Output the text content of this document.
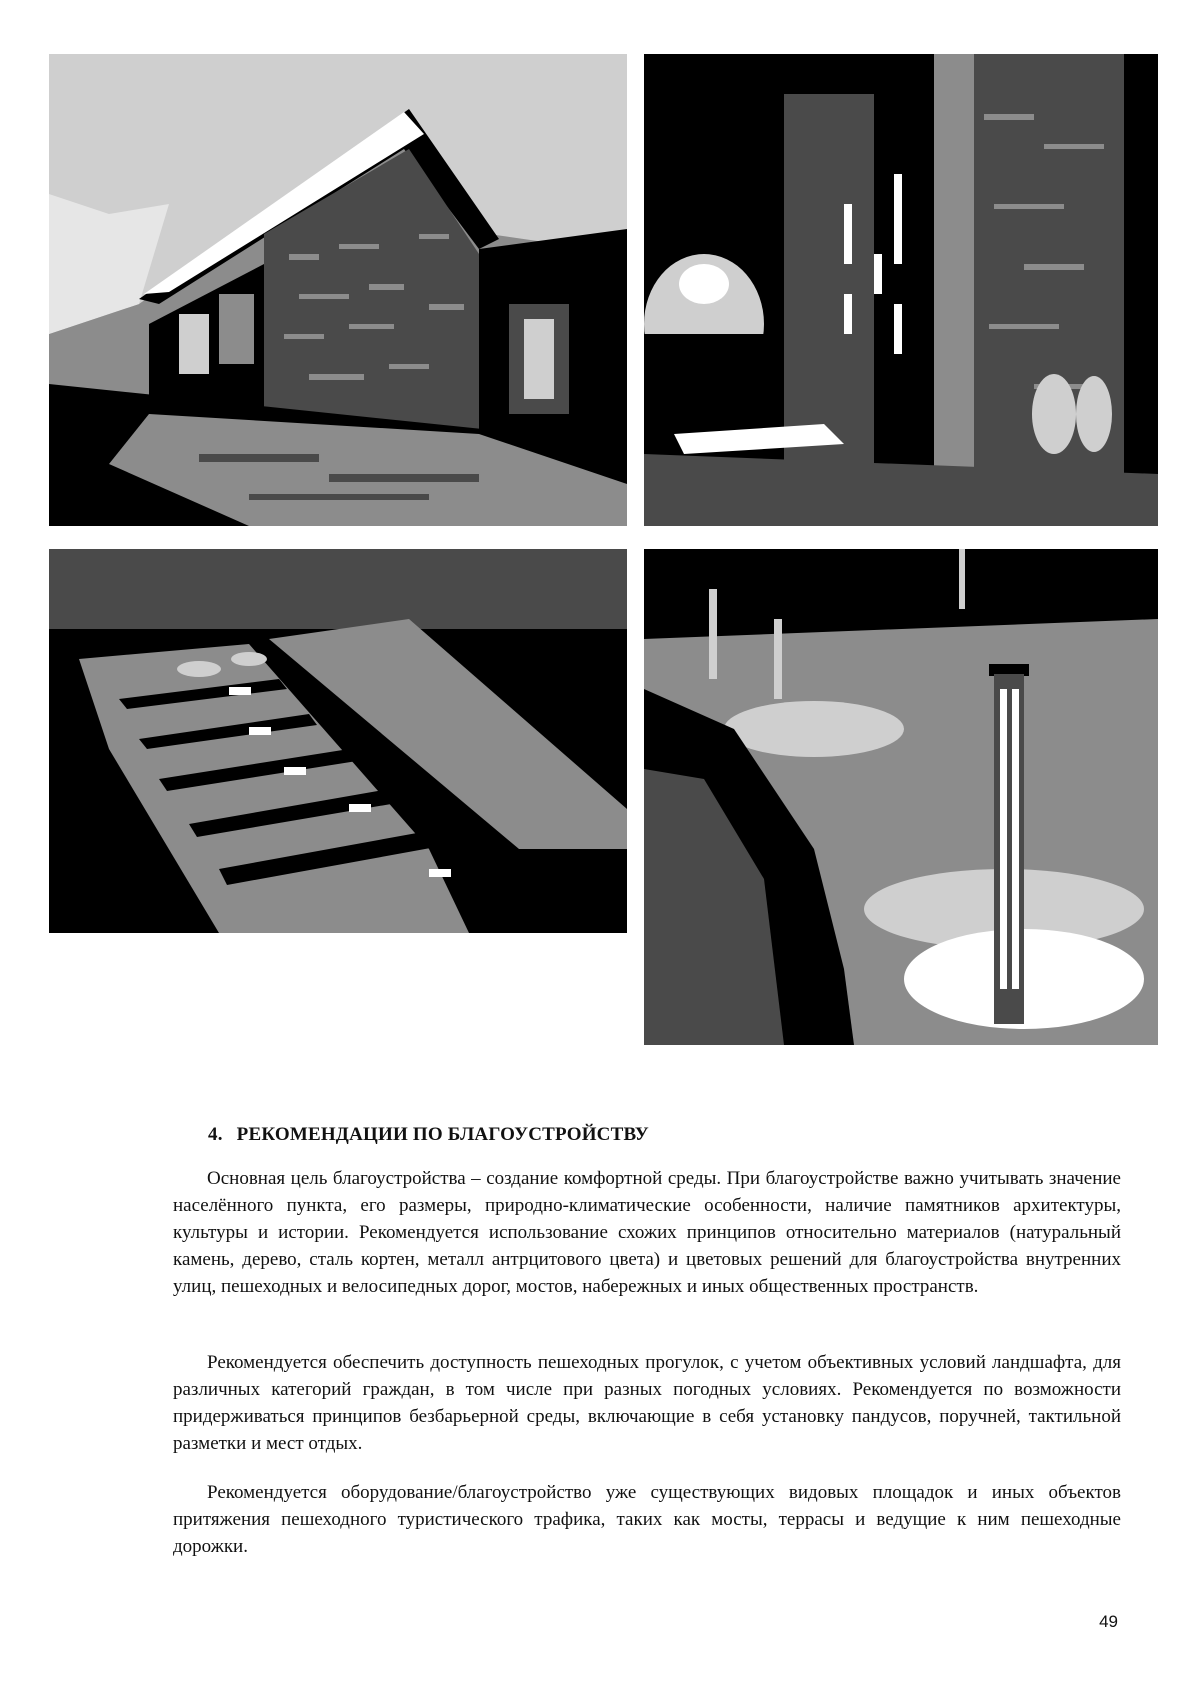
4. РЕКОМЕНДАЦИИ ПО БЛАГОУСТРОЙСТВУ

Основная цель благоустройства – создание комфортной среды. При благоустройстве важно учитывать значение населённого пункта, его размеры, природно-климатические особенности, наличие памятников архитектуры, культуры и истории. Рекомендуется использование схожих принципов относительно материалов (натуральный камень, дерево, сталь кортен, металл антрцитового цвета) и цветовых решений для благоустройства внутренних улиц, пешеходных и велосипедных дорог, мостов, набережных и иных общественных пространств.

Рекомендуется обеспечить доступность пешеходных прогулок, с учетом объективных условий ландшафта, для различных категорий граждан, в том числе при разных погодных условиях. Рекомендуется по возможности придерживаться принципов безбарьерной среды, включающие в себя установку пандусов, поручней, тактильной разметки и мест отдых.

Рекомендуется оборудование/благоустройство уже существующих видовых площадок и иных объектов притяжения пешеходного туристического трафика, таких как мосты, террасы и ведущие к ним пешеходные дорожки.

49
